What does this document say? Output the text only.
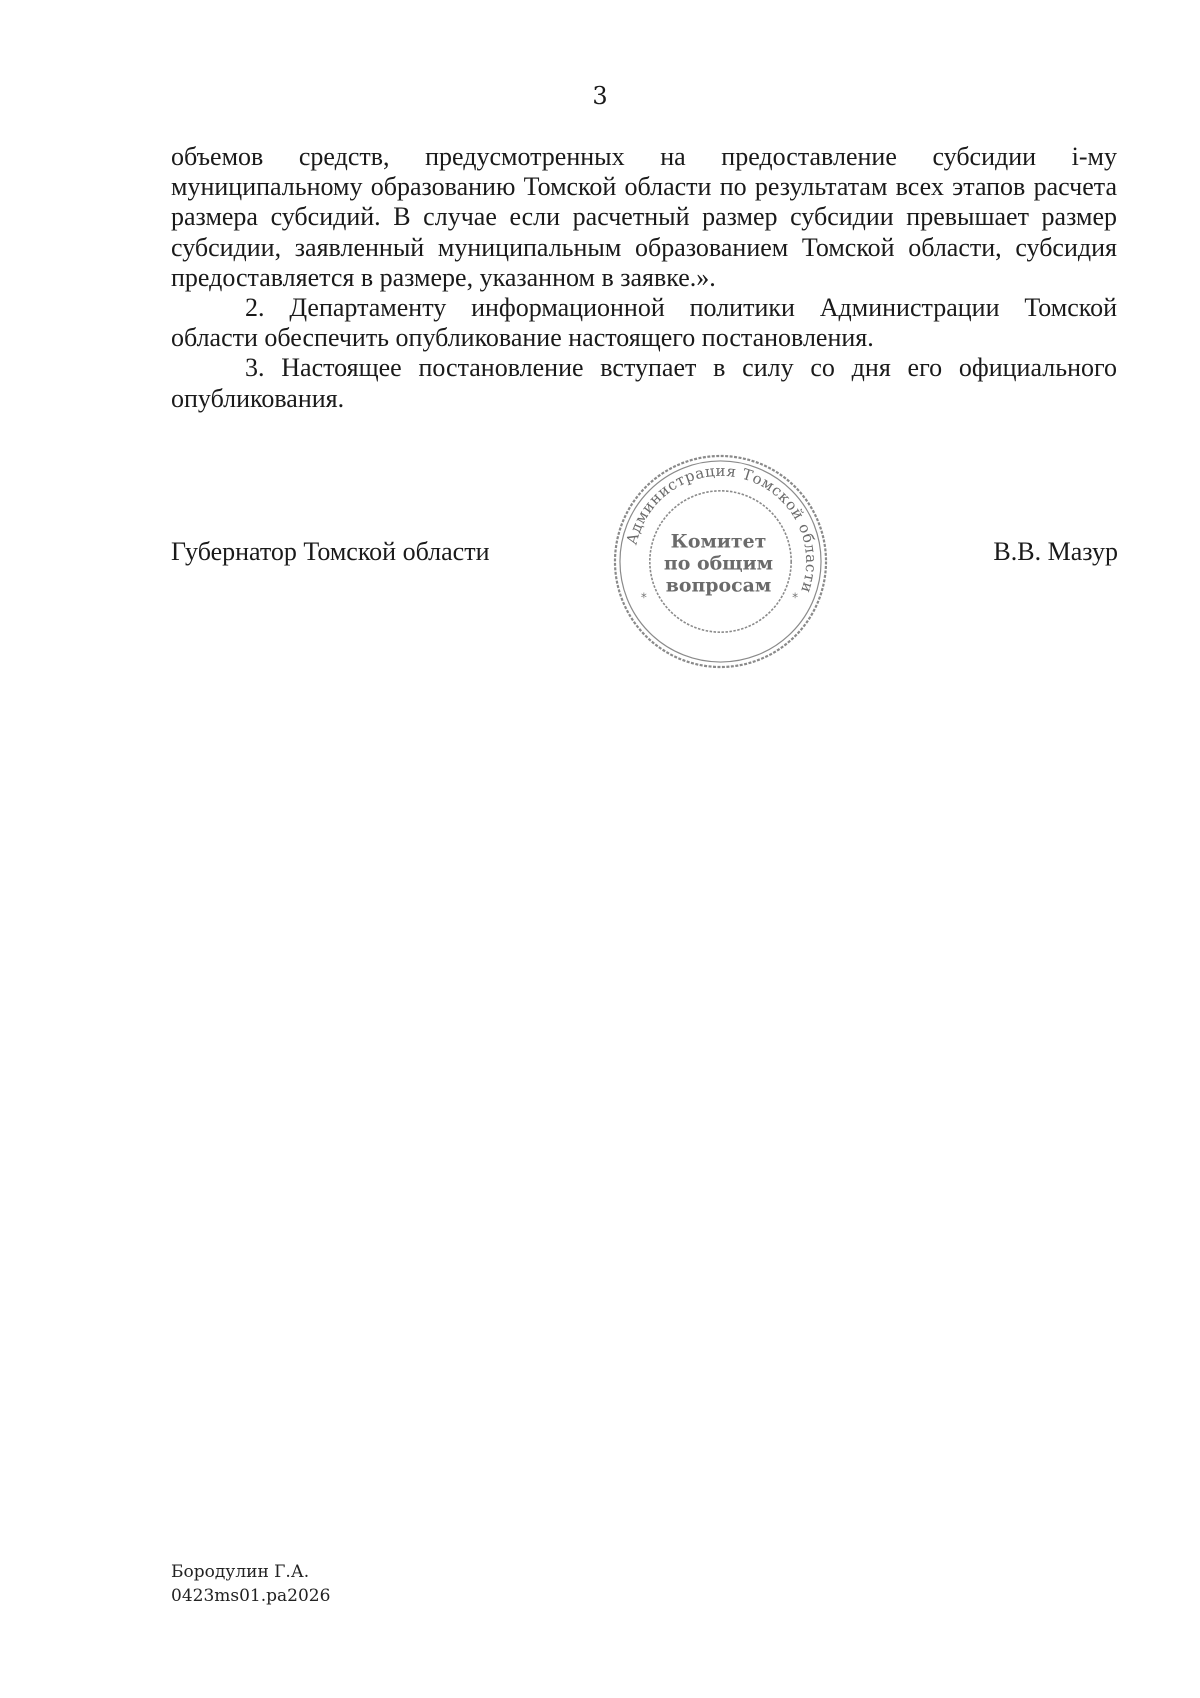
3

объемов средств, предусмотренных на предоставление субсидии i-му муниципальному образованию Томской области по результатам всех этапов расчета размера субсидий. В случае если расчетный размер субсидии превышает размер субсидии, заявленный муниципальным образованием Томской области, субсидия предоставляется в размере, указанном в заявке.».

2. Департаменту информационной политики Администрации Томской области обеспечить опубликование настоящего постановления.

3. Настоящее постановление вступает в силу со дня его официального опубликования.

Губернатор Томской области	Администрация Томской области
*	*
Комитет
по общим
вопросам
В.В. Мазур
Бородулин Г.А.
0423ms01.pa2026
